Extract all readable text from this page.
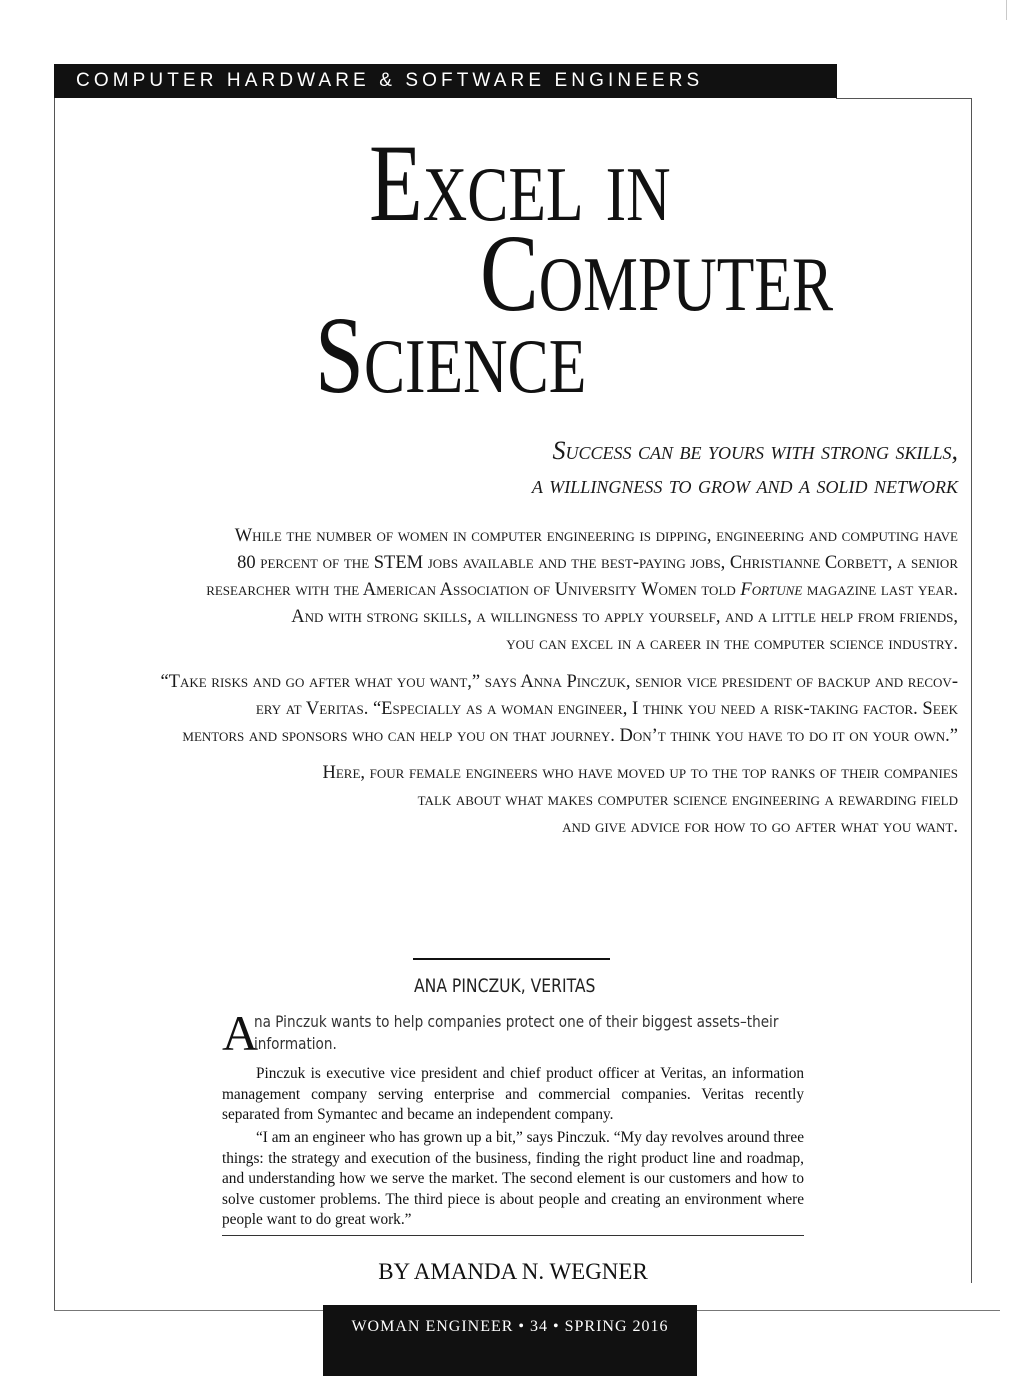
COMPUTER HARDWARE & SOFTWARE ENGINEERS
Excel in
Computer
Science
Success can be yours with strong skills,
a willingness to grow and a solid network
While the number of women in computer engineering is dipping, engineering and computing have
80 percent of the STEM jobs available and the best-paying jobs, Christianne Corbett, a senior
researcher with the American Association of University Women told Fortune magazine last year.
And with strong skills, a willingness to apply yourself, and a little help from friends,
you can excel in a career in the computer science industry.
“Take risks and go after what you want,” says Anna Pinczuk, senior vice president of backup and recov-
ery at Veritas. “Especially as a woman engineer, I think you need a risk-taking factor. Seek
mentors and sponsors who can help you on that journey. Don’t think you have to do it on your own.”
Here, four female engineers who have moved up to the top ranks of their companies
talk about what makes computer science engineering a rewarding field
and give advice for how to go after what you want.
ANA PINCZUK, VERITAS
A
na Pinczuk wants to help companies protect one of their biggest assets–their
information.

Pinczuk is executive vice president and chief product officer at Veritas, an information management company serving enterprise and commercial companies. Veritas recently separated from Symantec and became an independent company.

“I am an engineer who has grown up a bit,” says Pinczuk. “My day revolves around three things: the strategy and execution of the business, finding the right product line and roadmap, and understanding how we serve the market. The second element is our customers and how to solve customer problems. The third piece is about people and creating an environment where people want to do great work.”

BY AMANDA N. WEGNER
WOMAN ENGINEER • 34 • SPRING 2016
